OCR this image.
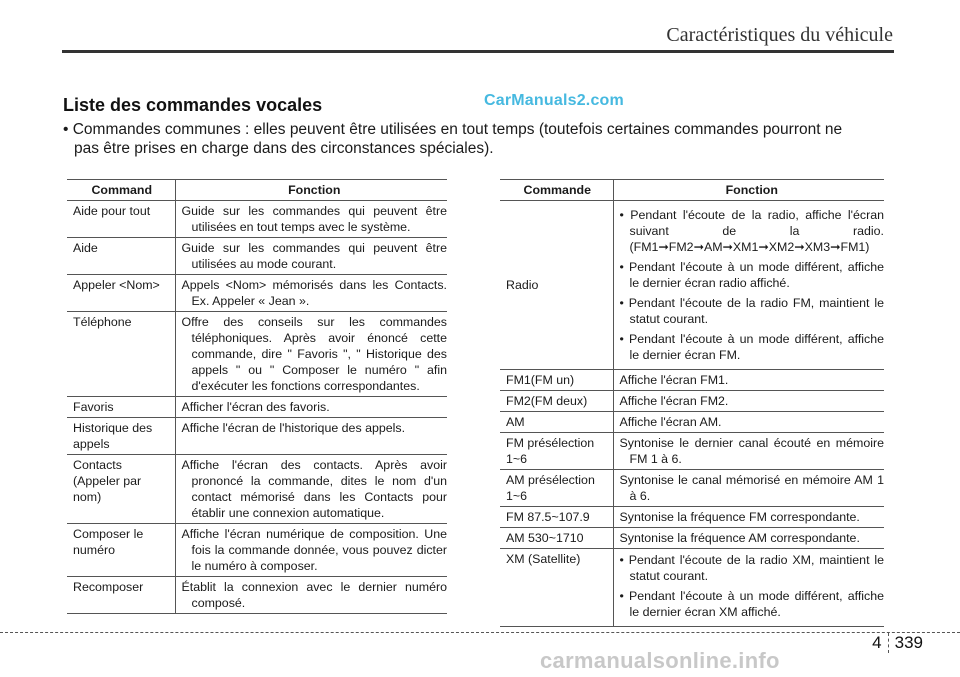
Caractéristiques du véhicule
Liste des commandes vocales	CarManuals2.com
• Commandes communes : elles peuvent être utilisées en tout temps (toutefois certaines commandes pourront ne
pas être prises en charge dans des circonstances spéciales).
Command	Fonction

Aide pour tout	Guide sur les commandes qui peuvent être utilisées en tout temps avec le système.

Aide	Guide sur les commandes qui peuvent être utilisées au mode courant.

Appeler <Nom>	Appels <Nom> mémorisés dans les Contacts. Ex. Appeler « Jean ».

Téléphone	Offre des conseils sur les commandes téléphoniques. Après avoir énoncé cette commande, dire " Favoris ", " Historique des appels " ou " Composer le numéro " afin d'exécuter les fonctions correspondantes.

Favoris	Afficher l'écran des favoris.

Historique des appels	Affiche l'écran de l'historique des appels.

Contacts (Appeler par nom)	Affiche l'écran des contacts. Après avoir prononcé la commande, dites le nom d'un contact mémorisé dans les Contacts pour établir une connexion automatique.

Composer le numéro	Affiche l'écran numérique de composition. Une fois la commande donnée, vous pouvez dicter le numéro à composer.

Recomposer	Établit la connexion avec le dernier numéro composé.
Commande	Fonction

Radio	• Pendant l'écoute de la radio, affiche l'écran suivant de la radio. (FM1➞FM2➞AM➞XM1➞XM2➞XM3➞FM1)
• Pendant l'écoute à un mode différent, affiche le dernier écran radio affiché.
• Pendant l'écoute de la radio FM, maintient le statut courant.
• Pendant l'écoute à un mode différent, affiche le dernier écran FM.

FM1(FM un)	Affiche l'écran FM1.

FM2(FM deux)	Affiche l'écran FM2.

AM	Affiche l'écran AM.

FM présélection 1~6	Syntonise le dernier canal écouté en mémoire FM 1 à 6.

AM présélection 1~6	Syntonise le canal mémorisé en mémoire AM 1 à 6.

FM 87.5~107.9	Syntonise la fréquence FM correspondante.

AM 530~1710	Syntonise la fréquence AM correspondante.

XM (Satellite)	• Pendant l'écoute de la radio XM, maintient le statut courant.
• Pendant l'écoute à un mode différent, affiche le dernier écran XM affiché.
4 339
carmanualsonline.info
